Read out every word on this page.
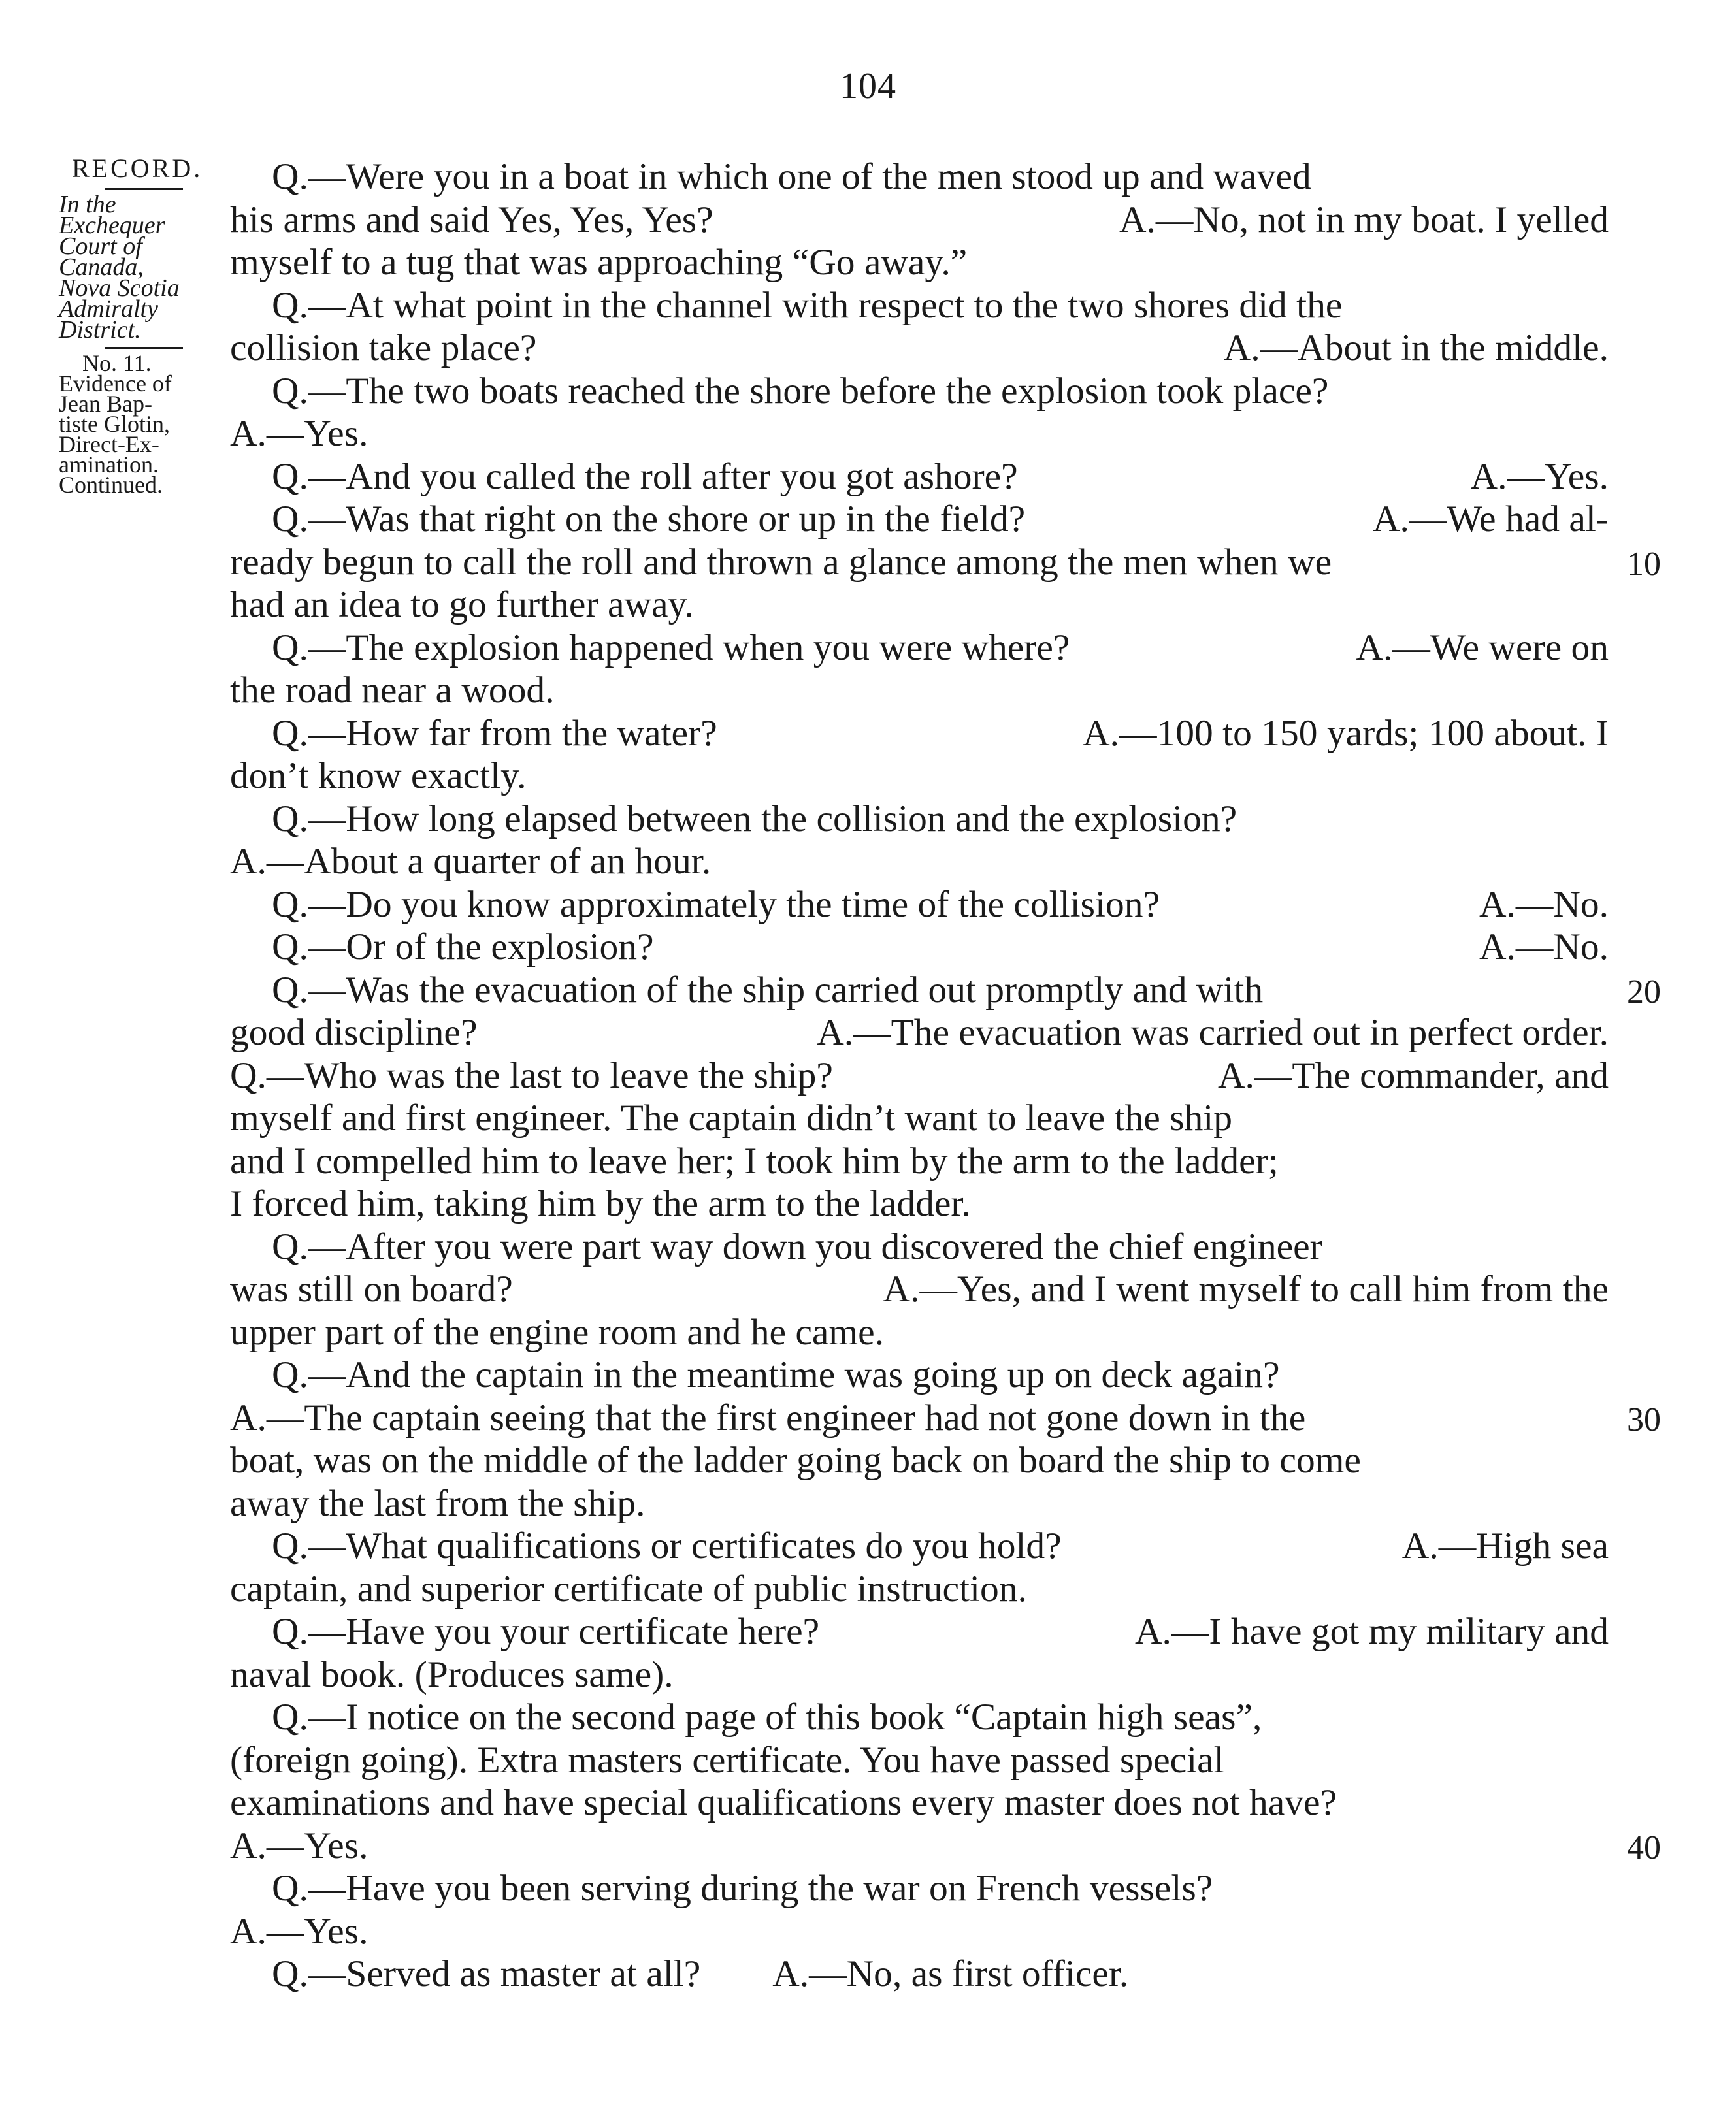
104
RECORD.
In the
Exchequer
Court of
Canada,
Nova Scotia
Admiralty
District.
No. 11.
Evidence of
Jean Bap-
tiste Glotin,
Direct-Ex-
amination.
Continued.
Q.—Were you in a boat in which one of the men stood up and waved
his arms and said Yes, Yes, Yes?	A.—No, not in my boat. I yelled
myself to a tug that was approaching “Go away.”
Q.—At what point in the channel with respect to the two shores did the
collision take place?	A.—About in the middle.
Q.—The two boats reached the shore before the explosion took place?
A.—Yes.
Q.—And you called the roll after you got ashore?	A.—Yes.
Q.—Was that right on the shore or up in the field?	A.—We had al-
ready begun to call the roll and thrown a glance among the men when we
had an idea to go further away.
Q.—The explosion happened when you were where?	A.—We were on
the road near a wood.
Q.—How far from the water?	A.—100 to 150 yards; 100 about. I
don’t know exactly.
Q.—How long elapsed between the collision and the explosion?
A.—About a quarter of an hour.
Q.—Do you know approximately the time of the collision?	A.—No.
Q.—Or of the explosion?	A.—No.
Q.—Was the evacuation of the ship carried out promptly and with
good discipline?	A.—The evacuation was carried out in perfect order.
Q.—Who was the last to leave the ship?	A.—The commander, and
myself and first engineer. The captain didn’t want to leave the ship
and I compelled him to leave her; I took him by the arm to the ladder;
I forced him, taking him by the arm to the ladder.
Q.—After you were part way down you discovered the chief engineer
was still on board?	A.—Yes, and I went myself to call him from the
upper part of the engine room and he came.
Q.—And the captain in the meantime was going up on deck again?
A.—The captain seeing that the first engineer had not gone down in the
boat, was on the middle of the ladder going back on board the ship to come
away the last from the ship.
Q.—What qualifications or certificates do you hold?	A.—High sea
captain, and superior certificate of public instruction.
Q.—Have you your certificate here?	A.—I have got my military and
naval book. (Produces same).
Q.—I notice on the second page of this book “Captain high seas”,
(foreign going). Extra masters certificate. You have passed special
examinations and have special qualifications every master does not have?
A.—Yes.
Q.—Have you been serving during the war on French vessels?
A.—Yes.
Q.—Served as master at all? A.—No, as first officer.
10
20
30
40
